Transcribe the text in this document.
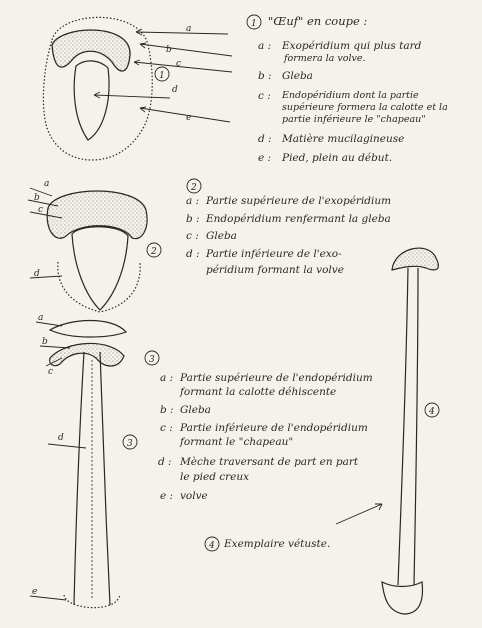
a
b
c
d
e
1
a
b
c
d
2
a
b
c
d
e
3
4
1
2
3
4
"Œuf" en coupe :
a : Exopéridium qui plus tard
formera la volve.
b : Gleba
c : Endopéridium dont la partie
supérieure formera la calotte et la
partie inférieure le "chapeau"
d : Matière mucilagineuse
e : Pied, plein au début.
a : Partie supérieure de l'exopéridium
b : Endopéridium renfermant la gleba
c : Gleba
d : Partie inférieure de l'exo-
péridium formant la volve
a : Partie supérieure de l'endopéridium
formant la calotte déhiscente
b : Gleba
c : Partie inférieure de l'endopéridium
formant le "chapeau"
d : Mèche traversant de part en part
le pied creux
e : volve
Exemplaire vétuste.
